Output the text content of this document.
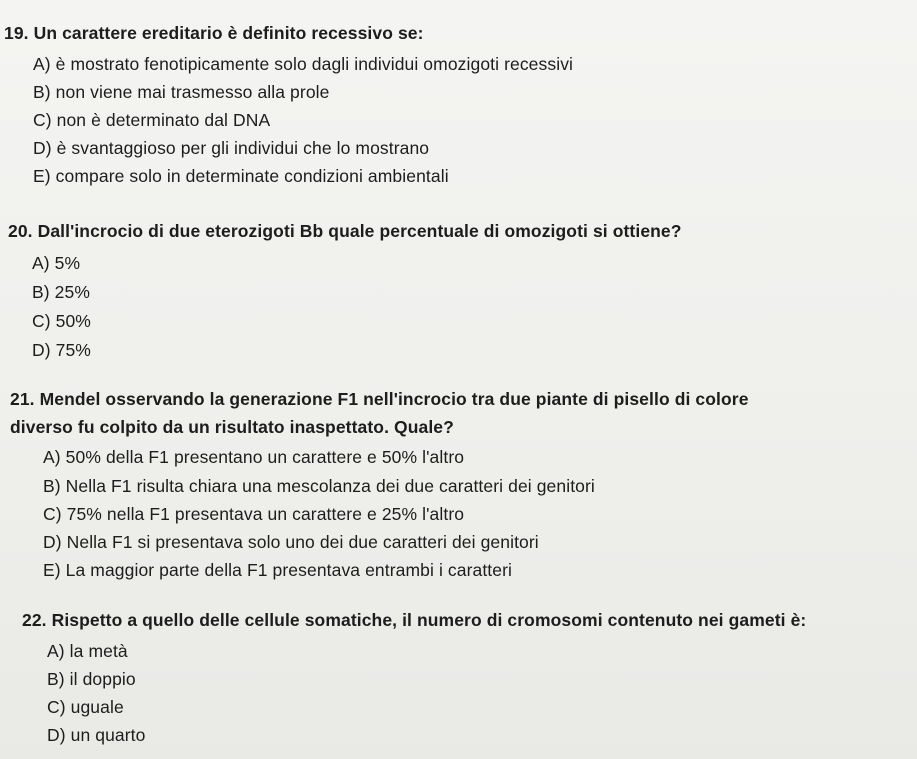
19. Un carattere ereditario è definito recessivo se:
A) è mostrato fenotipicamente solo dagli individui omozigoti recessivi
B) non viene mai trasmesso alla prole
C) non è determinato dal DNA
D) è svantaggioso per gli individui che lo mostrano
E) compare solo in determinate condizioni ambientali
20. Dall'incrocio di due eterozigoti Bb quale percentuale di omozigoti si ottiene?
A) 5%
B) 25%
C) 50%
D) 75%
21. Mendel osservando la generazione F1 nell'incrocio tra due piante di pisello di colore
diverso fu colpito da un risultato inaspettato. Quale?
A) 50% della F1 presentano un carattere e 50% l'altro
B) Nella F1 risulta chiara una mescolanza dei due caratteri dei genitori
C) 75% nella F1 presentava un carattere e 25% l'altro
D) Nella F1 si presentava solo uno dei due caratteri dei genitori
E) La maggior parte della F1 presentava entrambi i caratteri
22. Rispetto a quello delle cellule somatiche, il numero di cromosomi contenuto nei gameti è:
A) la metà
B) il doppio
C) uguale
D) un quarto
